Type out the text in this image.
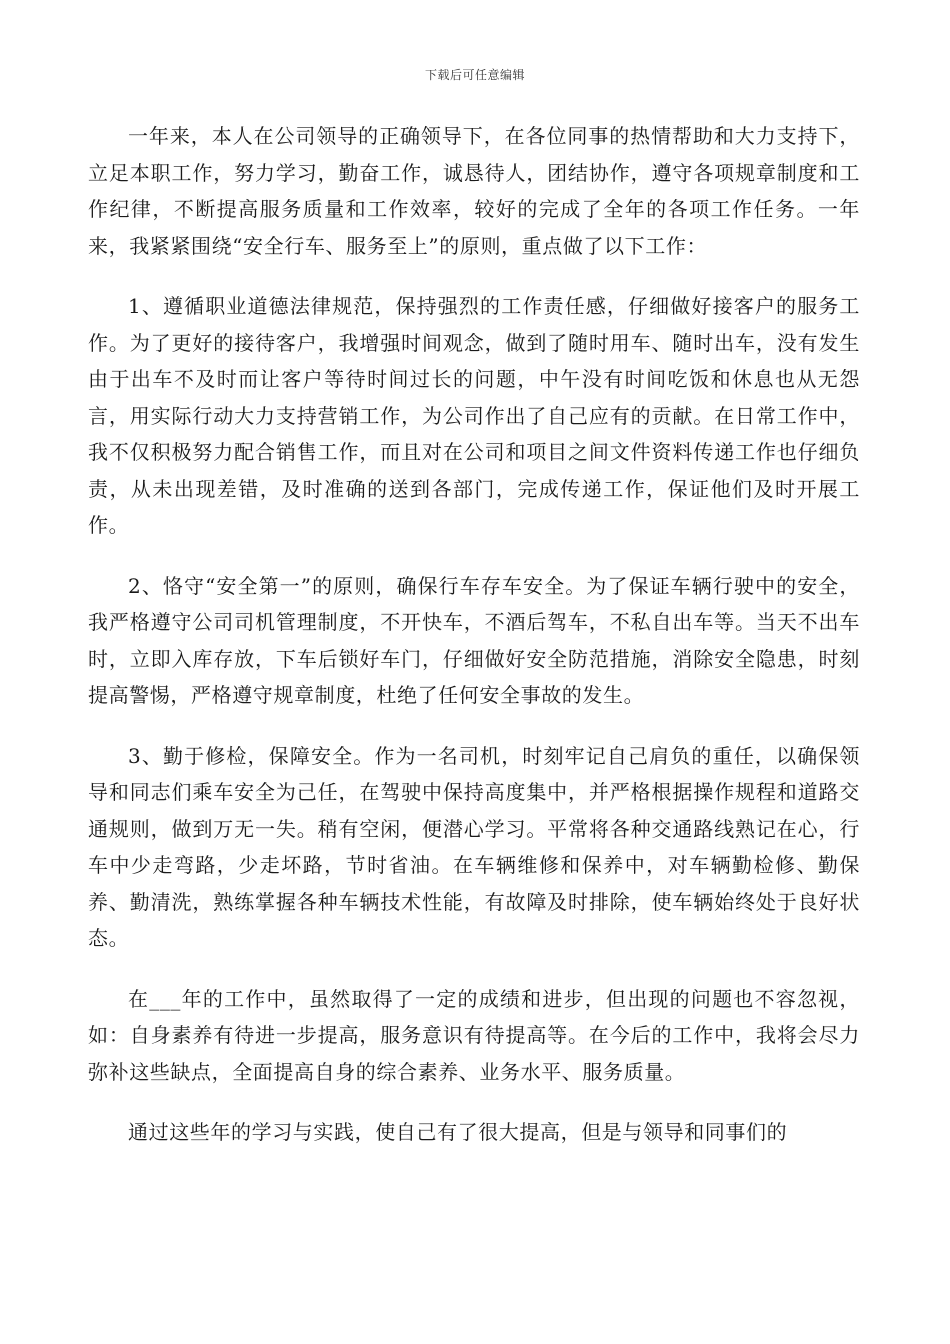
下载后可任意编辑

一年来，本人在公司领导的正确领导下，在各位同事的热情帮助和大力支持下，立足本职工作，努力学习，勤奋工作，诚恳待人，团结协作，遵守各项规章制度和工作纪律，不断提高服务质量和工作效率，较好的完成了全年的各项工作任务。一年来，我紧紧围绕“安全行车、服务至上”的原则，重点做了以下工作：

1、遵循职业道德法律规范，保持强烈的工作责任感，仔细做好接客户的服务工作。为了更好的接待客户，我增强时间观念，做到了随时用车、随时出车，没有发生由于出车不及时而让客户等待时间过长的问题，中午没有时间吃饭和休息也从无怨言，用实际行动大力支持营销工作，为公司作出了自己应有的贡献。在日常工作中，我不仅积极努力配合销售工作，而且对在公司和项目之间文件资料传递工作也仔细负责，从未出现差错，及时准确的送到各部门，完成传递工作，保证他们及时开展工作。

2、恪守“安全第一”的原则，确保行车存车安全。为了保证车辆行驶中的安全，我严格遵守公司司机管理制度，不开快车，不酒后驾车，不私自出车等。当天不出车时，立即入库存放，下车后锁好车门，仔细做好安全防范措施，消除安全隐患，时刻提高警惕，严格遵守规章制度，杜绝了任何安全事故的发生。

3、勤于修检，保障安全。作为一名司机，时刻牢记自己肩负的重任，以确保领导和同志们乘车安全为己任，在驾驶中保持高度集中，并严格根据操作规程和道路交通规则，做到万无一失。稍有空闲，便潜心学习。平常将各种交通路线熟记在心，行车中少走弯路，少走坏路，节时省油。在车辆维修和保养中，对车辆勤检修、勤保养、勤清洗，熟练掌握各种车辆技术性能，有故障及时排除，使车辆始终处于良好状态。

在___年的工作中，虽然取得了一定的成绩和进步，但出现的问题也不容忽视，如：自身素养有待进一步提高，服务意识有待提高等。在今后的工作中，我将会尽力弥补这些缺点，全面提高自身的综合素养、业务水平、服务质量。

通过这些年的学习与实践，使自己有了很大提高，但是与领导和同事们的
